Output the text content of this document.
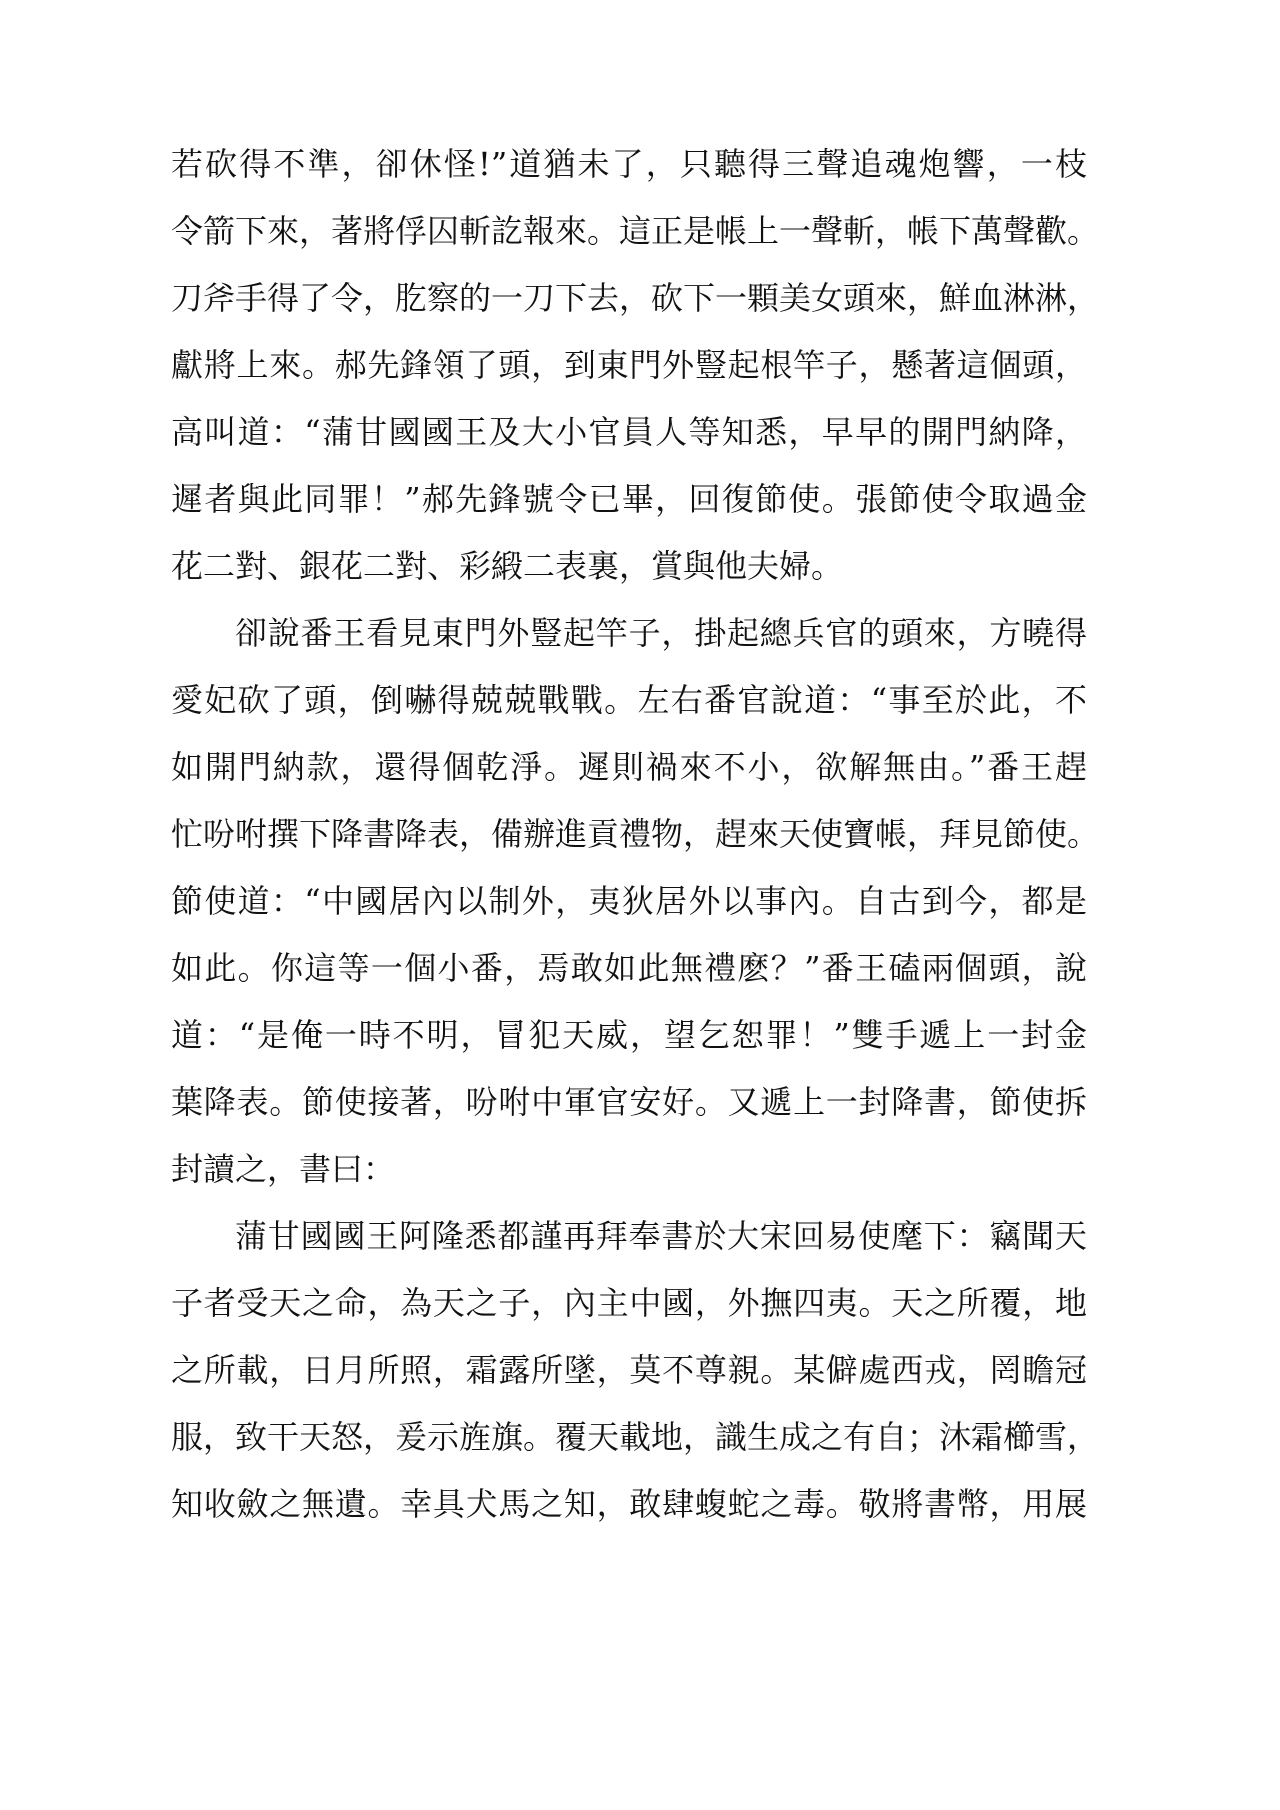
若砍得不準，卻休怪!”道猶未了，只聽得三聲追魂炮響，一枝
令箭下來，著將俘囚斬訖報來。這正是帳上一聲斬，帳下萬聲歡。
刀斧手得了令，肐察的一刀下去，砍下一顆美女頭來，鮮血淋淋，
獻將上來。郝先鋒領了頭，到東門外豎起根竿子，懸著這個頭，
高叫道：“蒲甘國國王及大小官員人等知悉，早早的開門納降，
遲者與此同罪！”郝先鋒號令已畢，回復節使。張節使令取過金
花二對、銀花二對、彩緞二表裏，賞與他夫婦。
卻說番王看見東門外豎起竿子，掛起總兵官的頭來，方曉得
愛妃砍了頭，倒嚇得兢兢戰戰。左右番官說道：“事至於此，不
如開門納款，還得個乾淨。遲則禍來不小，欲解無由。”番王趕
忙吩咐撰下降書降表，備辦進貢禮物，趕來天使寶帳，拜見節使。
節使道：“中國居內以制外，夷狄居外以事內。自古到今，都是
如此。你這等一個小番，焉敢如此無禮麽？”番王磕兩個頭，說
道：“是俺一時不明，冒犯天威，望乞恕罪！”雙手遞上一封金
葉降表。節使接著，吩咐中軍官安好。又遞上一封降書，節使拆
封讀之，書曰：
蒲甘國國王阿隆悉都謹再拜奉書於大宋回易使麾下：竊聞天
子者受天之命，為天之子，內主中國，外撫四夷。天之所覆，地
之所載，日月所照，霜露所墜，莫不尊親。某僻處西戎，罔瞻冠
服，致干天怒，爰示旌旗。覆天載地，識生成之有自；沐霜櫛雪，
知收斂之無遺。幸具犬馬之知，敢肆蝮蛇之毒。敬將書幣，用展
